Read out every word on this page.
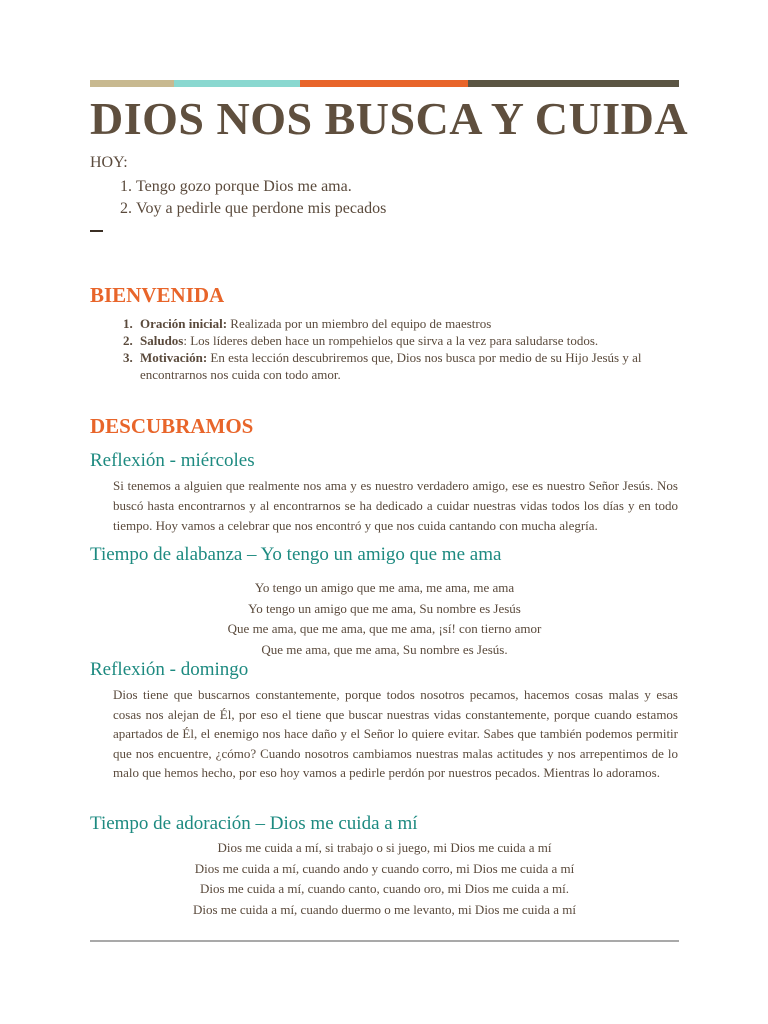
DIOS NOS BUSCA Y CUIDA
HOY:
1. Tengo gozo porque Dios me ama.
2. Voy a pedirle que perdone mis pecados
BIENVENIDA
1. Oración inicial: Realizada por un miembro del equipo de maestros
2. Saludos: Los líderes deben hace un rompehielos que sirva a la vez para saludarse todos.
3. Motivación: En esta lección descubriremos que, Dios nos busca por medio de su Hijo Jesús y al encontrarnos nos cuida con todo amor.
DESCUBRAMOS
Reflexión - miércoles

Si tenemos a alguien que realmente nos ama y es nuestro verdadero amigo, ese es nuestro Señor Jesús. Nos buscó hasta encontrarnos y al encontrarnos se ha dedicado a cuidar nuestras vidas todos los días y en todo tiempo. Hoy vamos a celebrar que nos encontró y que nos cuida cantando con mucha alegría.

Tiempo de alabanza – Yo tengo un amigo que me ama
Yo tengo un amigo que me ama, me ama, me ama
Yo tengo un amigo que me ama, Su nombre es Jesús
Que me ama, que me ama, que me ama, ¡sí! con tierno amor
Que me ama, que me ama, Su nombre es Jesús.
Reflexión - domingo

Dios tiene que buscarnos constantemente, porque todos nosotros pecamos, hacemos cosas malas y esas cosas nos alejan de Él, por eso el tiene que buscar nuestras vidas constantemente, porque cuando estamos apartados de Él, el enemigo nos hace daño y el Señor lo quiere evitar. Sabes que también podemos permitir que nos encuentre, ¿cómo? Cuando nosotros cambiamos nuestras malas actitudes y nos arrepentimos de lo malo que hemos hecho, por eso hoy vamos a pedirle perdón por nuestros pecados. Mientras lo adoramos.

Tiempo de adoración – Dios me cuida a mí
Dios me cuida a mí, si trabajo o si juego, mi Dios me cuida a mí
Dios me cuida a mí, cuando ando y cuando corro, mi Dios me cuida a mí
Dios me cuida a mí, cuando canto, cuando oro, mi Dios me cuida a mí.
Dios me cuida a mí, cuando duermo o me levanto, mi Dios me cuida a mí
